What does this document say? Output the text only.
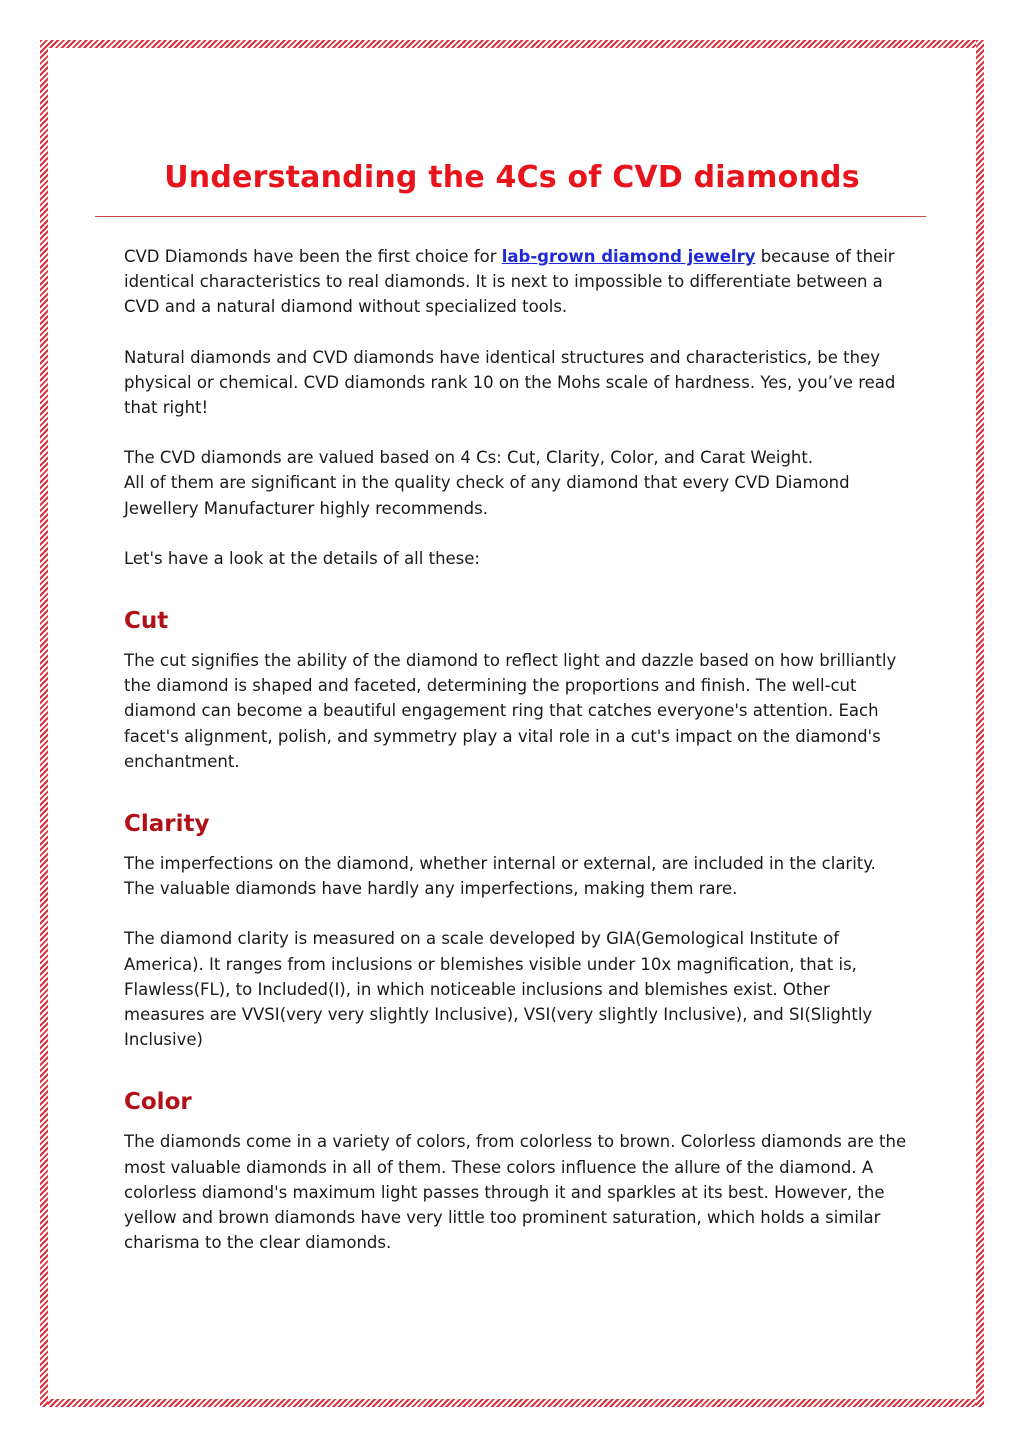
Understanding the 4Cs of CVD diamonds

CVD Diamonds have been the first choice for lab-grown diamond jewelry because of their identical characteristics to real diamonds. It is next to impossible to differentiate between a CVD and a natural diamond without specialized tools.

Natural diamonds and CVD diamonds have identical structures and characteristics, be they physical or chemical. CVD diamonds rank 10 on the Mohs scale of hardness. Yes, you’ve read that right!

The CVD diamonds are valued based on 4 Cs: Cut, Clarity, Color, and Carat Weight.

All of them are significant in the quality check of any diamond that every CVD Diamond Jewellery Manufacturer highly recommends.

Let's have a look at the details of all these:

Cut

The cut signifies the ability of the diamond to reflect light and dazzle based on how brilliantly the diamond is shaped and faceted, determining the proportions and finish. The well-cut diamond can become a beautiful engagement ring that catches everyone's attention. Each facet's alignment, polish, and symmetry play a vital role in a cut's impact on the diamond's enchantment.

Clarity

The imperfections on the diamond, whether internal or external, are included in the clarity. The valuable diamonds have hardly any imperfections, making them rare.

The diamond clarity is measured on a scale developed by GIA(Gemological Institute of America). It ranges from inclusions or blemishes visible under 10x magnification, that is, Flawless(FL), to Included(I), in which noticeable inclusions and blemishes exist. Other measures are VVSI(very very slightly Inclusive), VSI(very slightly Inclusive), and SI(Slightly Inclusive)

Color

The diamonds come in a variety of colors, from colorless to brown. Colorless diamonds are the most valuable diamonds in all of them. These colors influence the allure of the diamond. A colorless diamond's maximum light passes through it and sparkles at its best. However, the yellow and brown diamonds have very little too prominent saturation, which holds a similar charisma to the clear diamonds.
